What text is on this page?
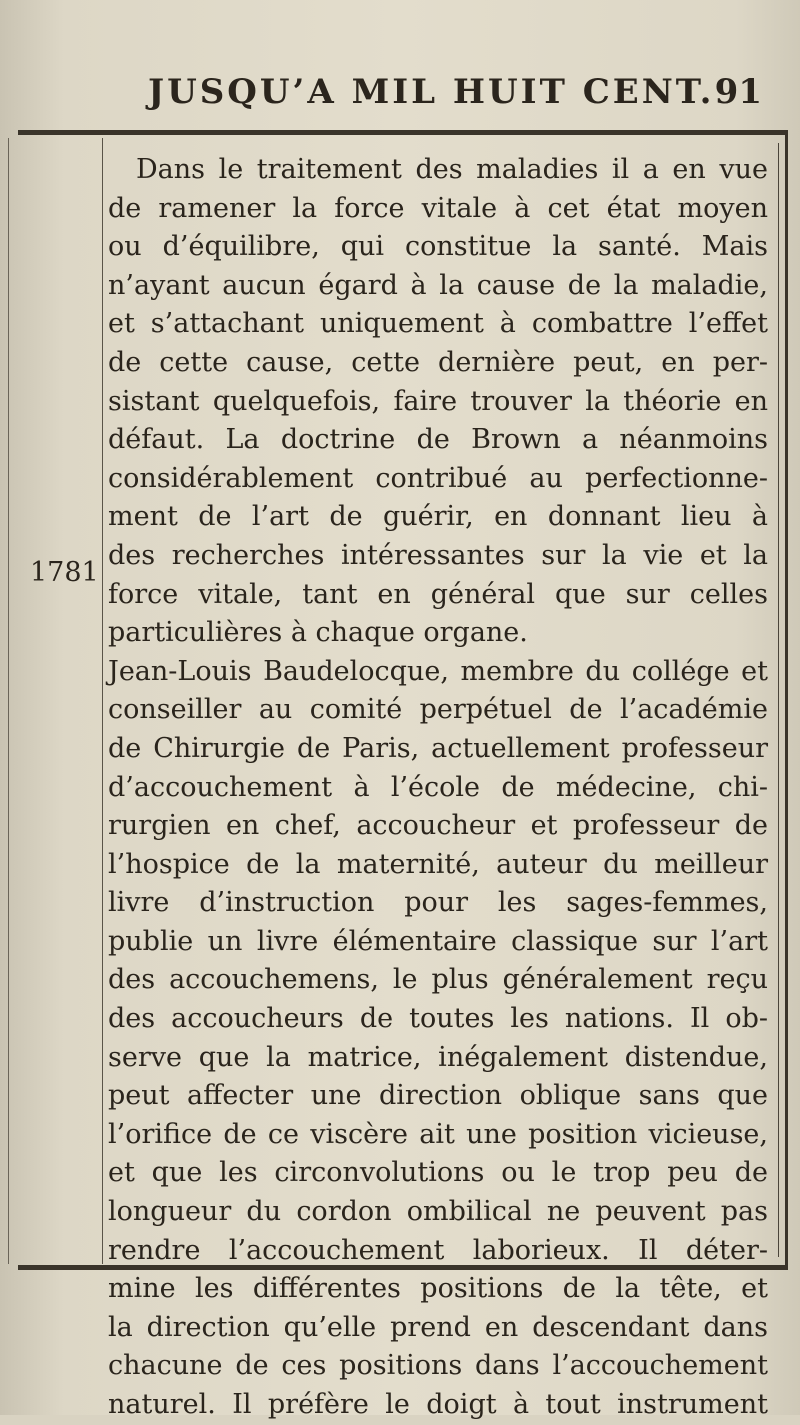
JUSQU’A MIL HUIT CENT. 91
1781
Dans le traitement des maladies il a en vue
de ramener la force vitale à cet état moyen
ou d’équilibre, qui constitue la santé. Mais
n’ayant aucun égard à la cause de la maladie,
et s’attachant uniquement à combattre l’effet
de cette cause, cette dernière peut, en per-
sistant quelquefois, faire trouver la théorie en
défaut. La doctrine de Brown a néanmoins
considérablement contribué au perfectionne-
ment de l’art de guérir, en donnant lieu à
des recherches intéressantes sur la vie et la
force vitale, tant en général que sur celles
particulières à chaque organe.
Jean-Louis Baudelocque, membre du collége et
conseiller au comité perpétuel de l’académie
de Chirurgie de Paris, actuellement professeur
d’accouchement à l’école de médecine, chi-
rurgien en chef, accoucheur et professeur de
l’hospice de la maternité, auteur du meilleur
livre d’instruction pour les sages-femmes,
publie un livre élémentaire classique sur l’art
des accouchemens, le plus généralement reçu
des accoucheurs de toutes les nations. Il ob-
serve que la matrice, inégalement distendue,
peut affecter une direction oblique sans que
l’orifice de ce viscère ait une position vicieuse,
et que les circonvolutions ou le trop peu de
longueur du cordon ombilical ne peuvent pas
rendre l’accouchement laborieux. Il déter-
mine les différentes positions de la tête, et
la direction qu’elle prend en descendant dans
chacune de ces positions dans l’accouchement
naturel. Il préfère le doigt à tout instrument
